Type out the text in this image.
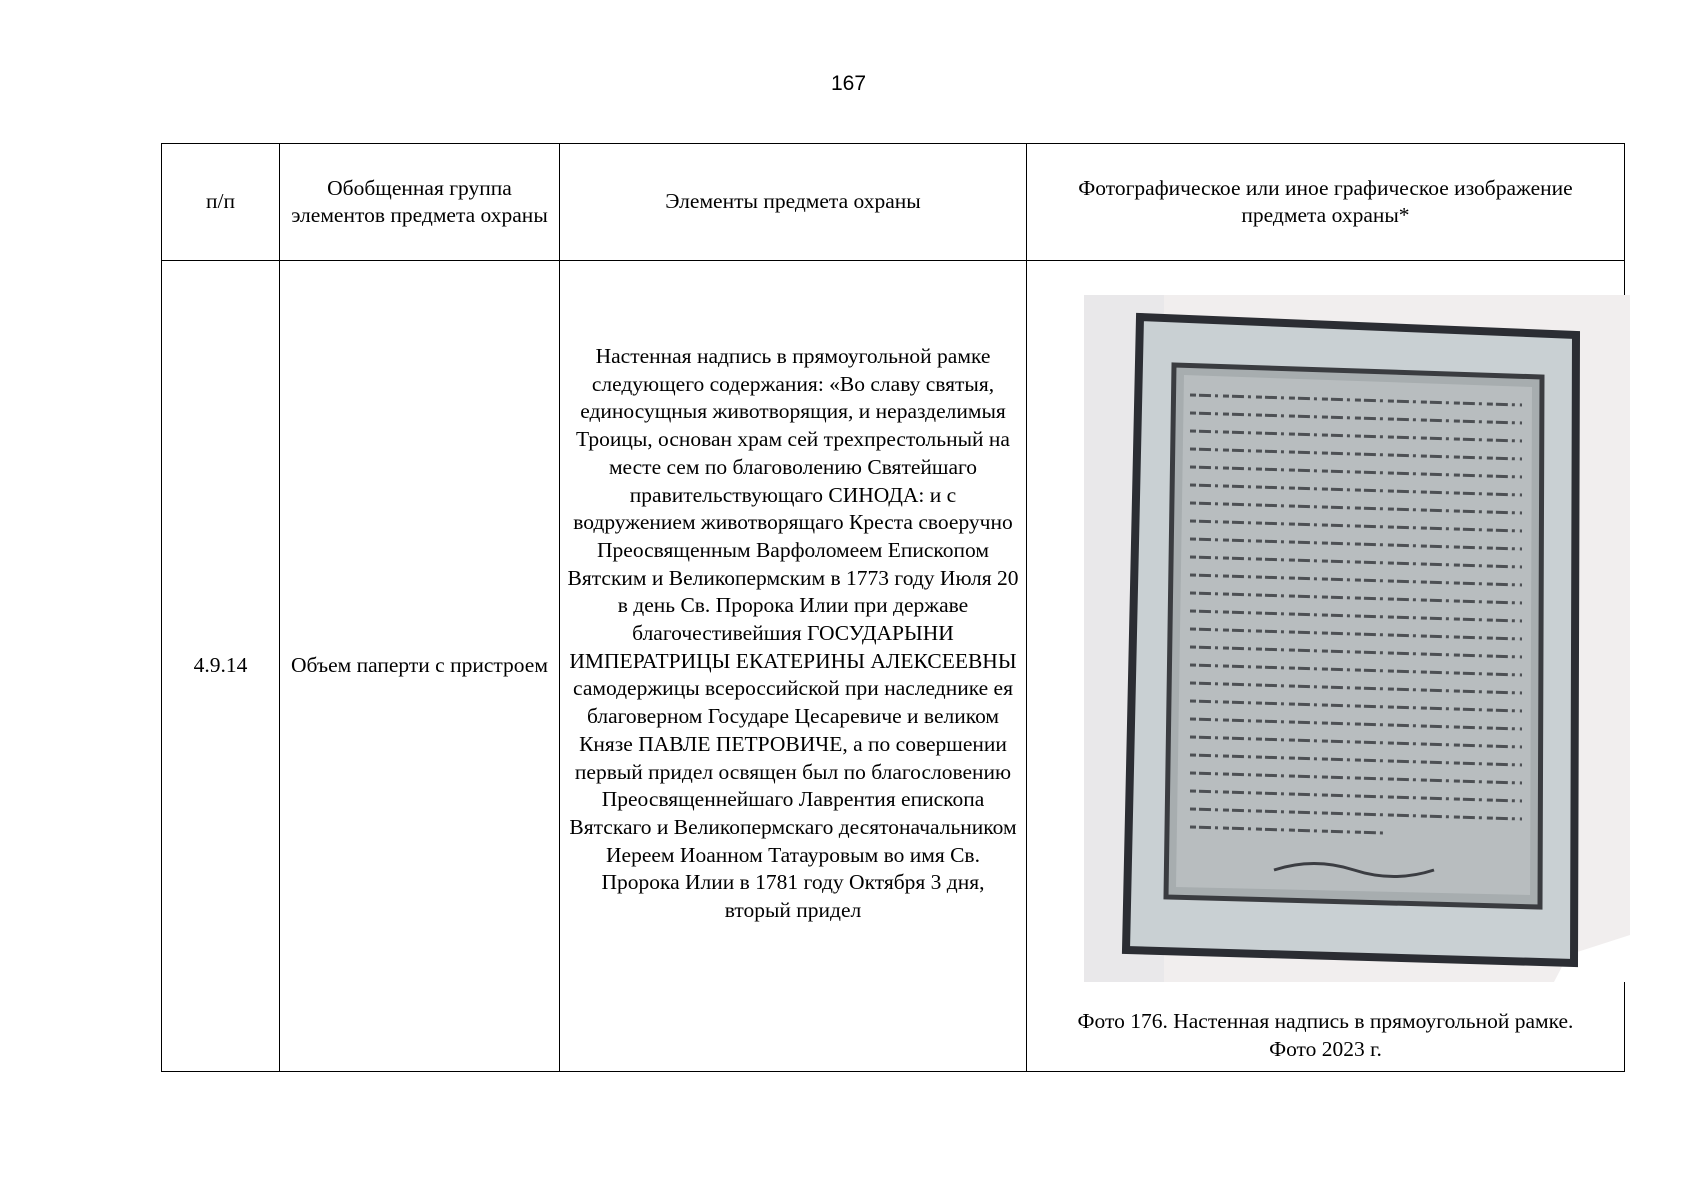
167
п/п	Обобщенная группа элементов предмета охраны	Элементы предмета охраны	Фотографическое или иное графическое изображение предмета охраны*
4.9.14	Объем паперти с пристроем	Настенная надпись в прямоугольной рамке следующего содержания: «Во славу святыя, единосущныя животворящия, и неразделимыя Троицы, основан храм сей трехпрестольный на месте сем по благоволению Святейшаго правительствующаго СИНОДА: и с водружением животворящаго Креста своеручно Преосвященным Варфоломеем Епископом Вятским и Великопермским в 1773 году Июля 20 в день Св. Пророка Илии при державе благочестивейшия ГОСУДАРЫНИ ИМПЕРАТРИЦЫ ЕКАТЕРИНЫ АЛЕКСЕЕВНЫ самодержицы всероссийской при наследнике ея благоверном Государе Цесаревиче и великом Князе ПАВЛЕ ПЕТРОВИЧЕ, а по совершении первый придел освящен был по благословению Преосвященнейшаго Лаврентия епископа Вятскаго и Великопермскаго десятоначальником Иереем Иоанном Татауровым во имя Св. Пророка Илии в 1781 году Октября 3 дня, вторый придел	Фото 176. Настенная надпись в прямоугольной рамке.
Фото 2023 г.
